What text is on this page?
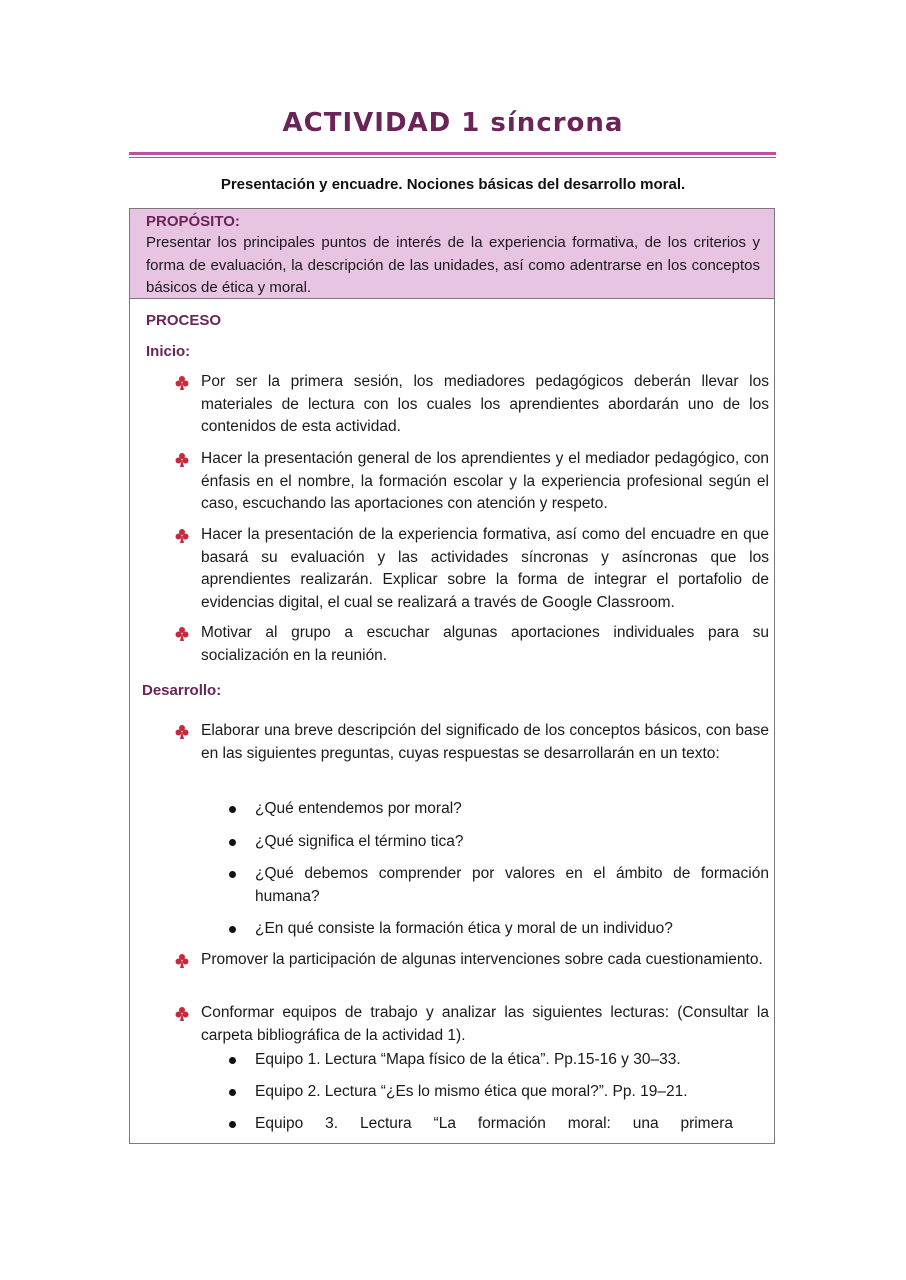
ACTIVIDAD 1 síncrona
Presentación y encuadre. Nociones básicas del desarrollo moral.
PROPÓSITO:
Presentar los principales puntos de interés de la experiencia formativa, de los criterios y forma de evaluación, la descripción de las unidades, así como adentrarse en los conceptos básicos de ética y moral.
PROCESO
Inicio:
Por ser la primera sesión, los mediadores pedagógicos deberán llevar los materiales de lectura con los cuales los aprendientes abordarán uno de los contenidos de esta actividad.
Hacer la presentación general de los aprendientes y el mediador pedagógico, con énfasis en el nombre, la formación escolar y la experiencia profesional según el caso, escuchando las aportaciones con atención y respeto.
Hacer la presentación de la experiencia formativa, así como del encuadre en que basará su evaluación y las actividades síncronas y asíncronas que los aprendientes realizarán. Explicar sobre la forma de integrar el portafolio de evidencias digital, el cual se realizará a través de Google Classroom.
Motivar al grupo a escuchar algunas aportaciones individuales para su socialización en la reunión.
Desarrollo:
Elaborar una breve descripción del significado de los conceptos básicos, con base en las siguientes preguntas, cuyas respuestas se desarrollarán en un texto:
¿Qué entendemos por moral?
¿Qué significa el término tica?
¿Qué debemos comprender por valores en el ámbito de formación humana?
¿En qué consiste la formación ética y moral de un individuo?
Promover la participación de algunas intervenciones sobre cada cuestionamiento.
Conformar equipos de trabajo y analizar las siguientes lecturas: (Consultar la carpeta bibliográfica de la actividad 1).
Equipo 1. Lectura “Mapa físico de la ética”. Pp.15-16 y 30–33.
Equipo 2. Lectura “¿Es lo mismo ética que moral?”. Pp. 19–21.
Equipo 3. Lectura “La formación moral: una primera
